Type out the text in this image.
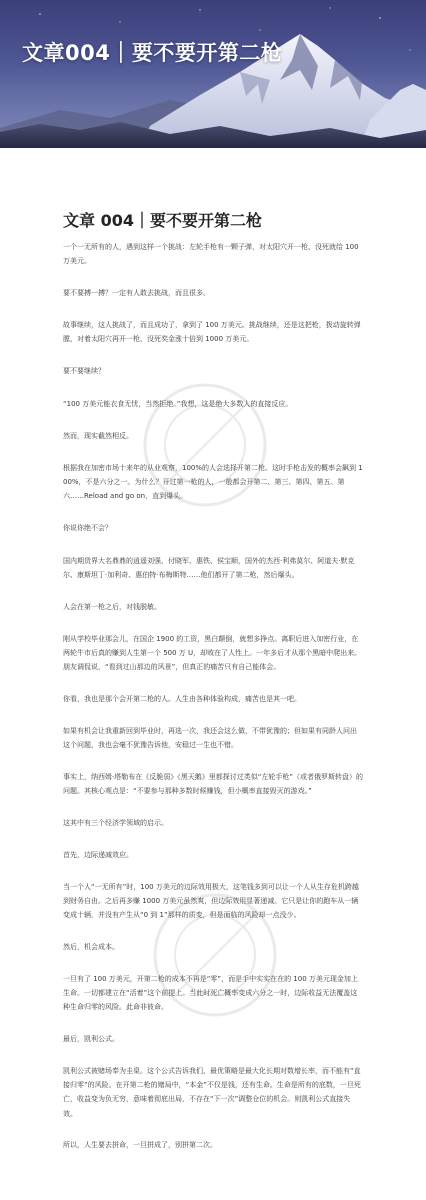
文章004｜要不要开第二枪
文章 004｜要不要开第二枪
一个一无所有的人，遇到这样一个挑战：左轮手枪有一颗子弹，对太阳穴开一枪，没死就给 100 万美元。
要不要搏一搏？一定有人敢去挑战，而且很多。
故事继续，这人挑战了，而且成功了，拿到了 100 万美元。挑战继续，还是这把枪，拨动旋转弹膛，对着太阳穴再开一枪，没死奖金涨十倍到 1000 万美元。
要不要继续？
“100 万美元能衣食无忧，当然拒绝。”我想，这是绝大多数人的直接反应。
然而，现实截然相反。
根据我在加密市场十来年的从业观察，100%的人会选择开第二枪。这时手枪击发的概率会飙到 100%，不是六分之一。为什么？开过第一枪的人，一般都会开第二、第三、第四、第五、第六……Reload and go on，直到爆头。
你说你绝不会？
国内期货界大名鼎鼎的逍遥刘强、付晓军、惠铁、侯宝顺，国外的杰西·利弗莫尔、阿道夫·默克尔、康斯坦丁·加利奇、惠伯特·布梅斯特……他们都开了第二枪，然后爆头。
人会在第一枪之后，对钱脱敏。
刚从学校毕业那会儿，在国企 1900 的工资，黑白颠倒，就想多挣点。离职后进入加密行业，在两轮牛市后真的赚到人生第一个 500 万 U，却败在了人性上。一年多后才从那个黑暗中爬出来。朋友调侃说，“看到过山那边的风景”，但真正的痛苦只有自己能体会。
你看，我也是那个会开第二枪的人。人生由各种体验构成，痛苦也是其一吧。
如果有机会让我重新回到毕业时，再选一次，我还会这么做，不带犹豫的；但如果有同龄人问出这个问题，我也会毫不犹豫告诉他，安稳过一生也不错。
事实上，纳西姆·塔勒布在《反脆弱》《黑天鹅》里都探讨过类似“左轮手枪”（或者俄罗斯转盘）的问题。其核心观点是：“不要参与那种多数时候赚钱，但小概率直接毁灭的游戏。”
这其中有三个经济学领域的启示。
首先，边际递减效应。
当一个人“一无所有”时，100 万美元的边际效用极大，这笔钱多到可以让一个人从生存危机跨越到财务自由。之后再多赚 1000 万美元虽然爽，但边际效用显著递减。它只是让你的跑车从一辆变成十辆，并没有产生从“0 到 1”那样的质变，但是面临的风险却一点没少。
然后，机会成本。
一旦有了 100 万美元，开第二枪的成本不再是“零”，而是手中实实在在的 100 万美元现金加上生命。一切都建立在“活着”这个前提上。当此时死亡概率变成六分之一时，边际收益无法覆盖这种生命归零的风险。此命非彼命。
最后，凯利公式。
凯利公式被赌场奉为圭臬。这个公式告诉我们，最优策略是最大化长期对数增长率，而不能有“直接归零”的风险。在开第二枪的赌局中，“本金”不仅是钱，还有生命。生命是所有的底数，一旦死亡，收益变为负无穷，意味着彻底出局，不存在“下一次”调整仓位的机会。则凯利公式直接失效。
所以，人生要去拼命，一旦拼成了，别拼第二次。
